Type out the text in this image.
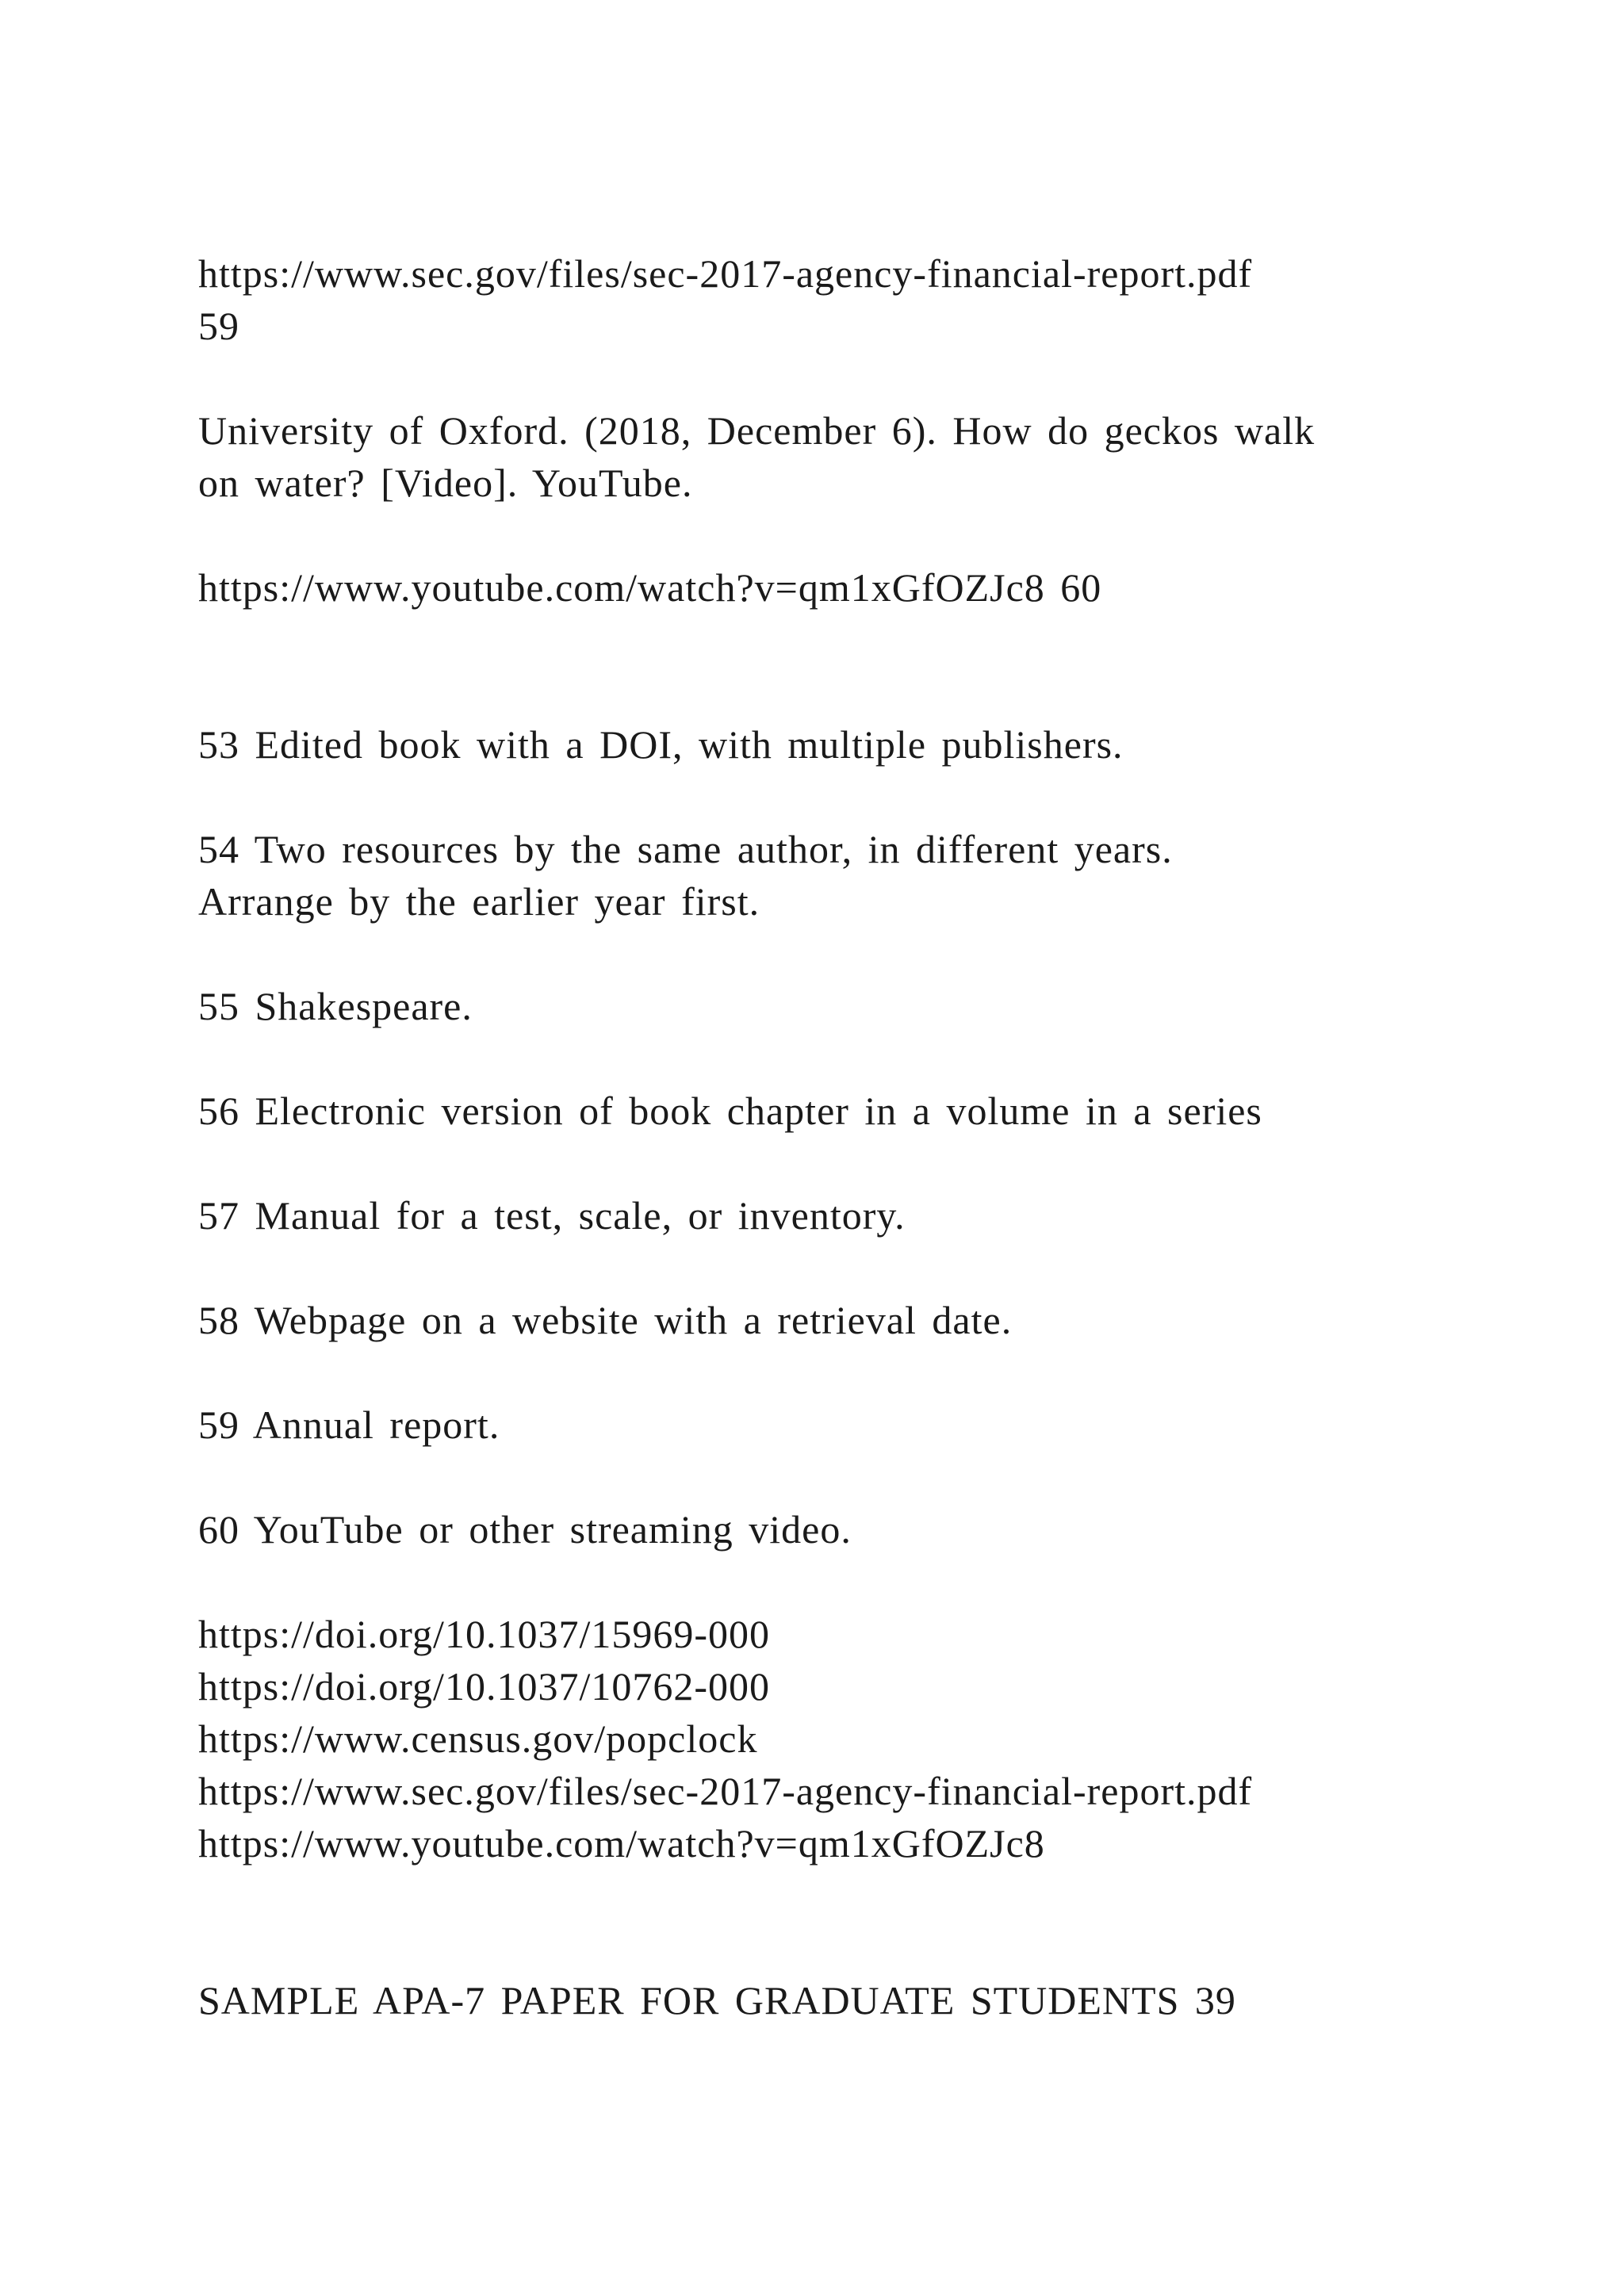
https://www.sec.gov/files/sec-2017-agency-financial-report.pdf
59
University of Oxford. (2018, December 6). How do geckos walk
on water? [Video]. YouTube.
https://www.youtube.com/watch?v=qm1xGfOZJc8 60
53 Edited book with a DOI, with multiple publishers.
54 Two resources by the same author, in different years.
Arrange by the earlier year first.
55 Shakespeare.
56 Electronic version of book chapter in a volume in a series
57 Manual for a test, scale, or inventory.
58 Webpage on a website with a retrieval date.
59 Annual report.
60 YouTube or other streaming video.
https://doi.org/10.1037/15969-000
https://doi.org/10.1037/10762-000
https://www.census.gov/popclock
https://www.sec.gov/files/sec-2017-agency-financial-report.pdf
https://www.youtube.com/watch?v=qm1xGfOZJc8
SAMPLE APA-7 PAPER FOR GRADUATE STUDENTS 39
